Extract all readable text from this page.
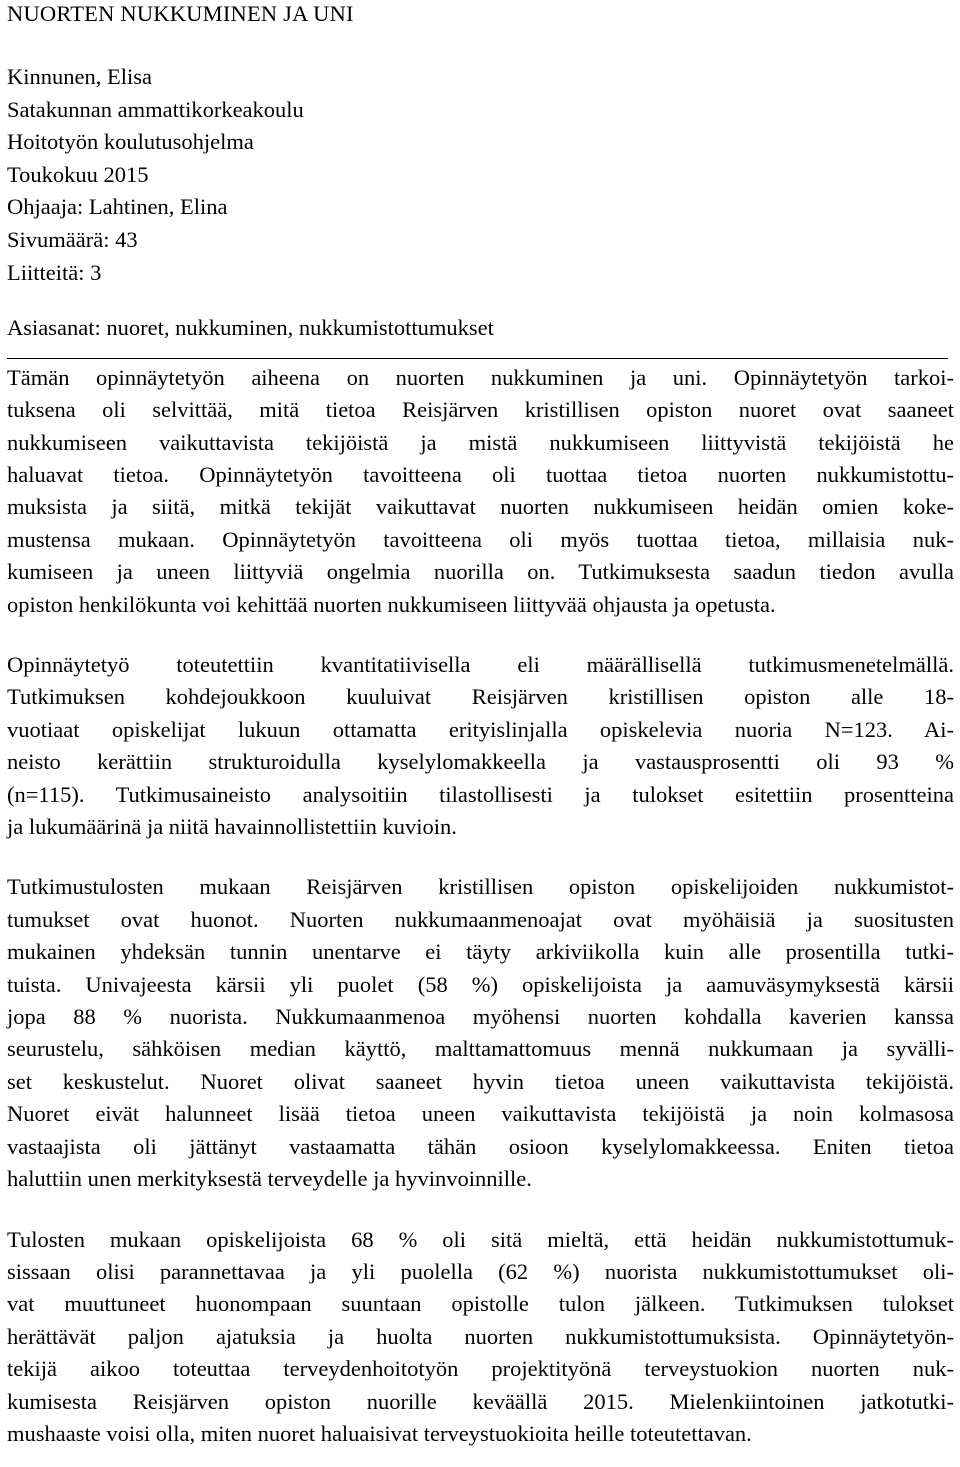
NUORTEN NUKKUMINEN JA UNI
Kinnunen, Elisa
Satakunnan ammattikorkeakoulu
Hoitotyön koulutusohjelma
Toukokuu 2015
Ohjaaja: Lahtinen, Elina
Sivumäärä: 43
Liitteitä: 3
Asiasanat: nuoret, nukkuminen, nukkumistottumukset

Tämän opinnäytetyön aiheena on nuorten nukkuminen ja uni. Opinnäytetyön tarkoi-
tuksena oli selvittää, mitä tietoa Reisjärven kristillisen opiston nuoret ovat saaneet
nukkumiseen vaikuttavista tekijöistä ja mistä nukkumiseen liittyvistä tekijöistä he
haluavat tietoa. Opinnäytetyön tavoitteena oli tuottaa tietoa nuorten nukkumistottu-
muksista ja siitä, mitkä tekijät vaikuttavat nuorten nukkumiseen heidän omien koke-
mustensa mukaan. Opinnäytetyön tavoitteena oli myös tuottaa tietoa, millaisia nuk-
kumiseen ja uneen liittyviä ongelmia nuorilla on. Tutkimuksesta saadun tiedon avulla
opiston henkilökunta voi kehittää nuorten nukkumiseen liittyvää ohjausta ja opetusta.

Opinnäytetyö toteutettiin kvantitatiivisella eli määrällisellä tutkimusmenetelmällä.
Tutkimuksen kohdejoukkoon kuuluivat Reisjärven kristillisen opiston alle 18-
vuotiaat opiskelijat lukuun ottamatta erityislinjalla opiskelevia nuoria N=123. Ai-
neisto kerättiin strukturoidulla kyselylomakkeella ja vastausprosentti oli 93 %
(n=115). Tutkimusaineisto analysoitiin tilastollisesti ja tulokset esitettiin prosentteina
ja lukumäärinä ja niitä havainnollistettiin kuvioin.

Tutkimustulosten mukaan Reisjärven kristillisen opiston opiskelijoiden nukkumistot-
tumukset ovat huonot. Nuorten nukkumaanmenoajat ovat myöhäisiä ja suositusten
mukainen yhdeksän tunnin unentarve ei täyty arkiviikolla kuin alle prosentilla tutki-
tuista. Univajeesta kärsii yli puolet (58 %) opiskelijoista ja aamuväsymyksestä kärsii
jopa 88 % nuorista. Nukkumaanmenoa myöhensi nuorten kohdalla kaverien kanssa
seurustelu, sähköisen median käyttö, malttamattomuus mennä nukkumaan ja syvälli-
set keskustelut. Nuoret olivat saaneet hyvin tietoa uneen vaikuttavista tekijöistä.
Nuoret eivät halunneet lisää tietoa uneen vaikuttavista tekijöistä ja noin kolmasosa
vastaajista oli jättänyt vastaamatta tähän osioon kyselylomakkeessa. Eniten tietoa
haluttiin unen merkityksestä terveydelle ja hyvinvoinnille.

Tulosten mukaan opiskelijoista 68 % oli sitä mieltä, että heidän nukkumistottumuk-
sissaan olisi parannettavaa ja yli puolella (62 %) nuorista nukkumistottumukset oli-
vat muuttuneet huonompaan suuntaan opistolle tulon jälkeen. Tutkimuksen tulokset
herättävät paljon ajatuksia ja huolta nuorten nukkumistottumuksista. Opinnäytetyön-
tekijä aikoo toteuttaa terveydenhoitotyön projektityönä terveystuokion nuorten nuk-
kumisesta Reisjärven opiston nuorille keväällä 2015. Mielenkiintoinen jatkotutki-
mushaaste voisi olla, miten nuoret haluaisivat terveystuokioita heille toteutettavan.
